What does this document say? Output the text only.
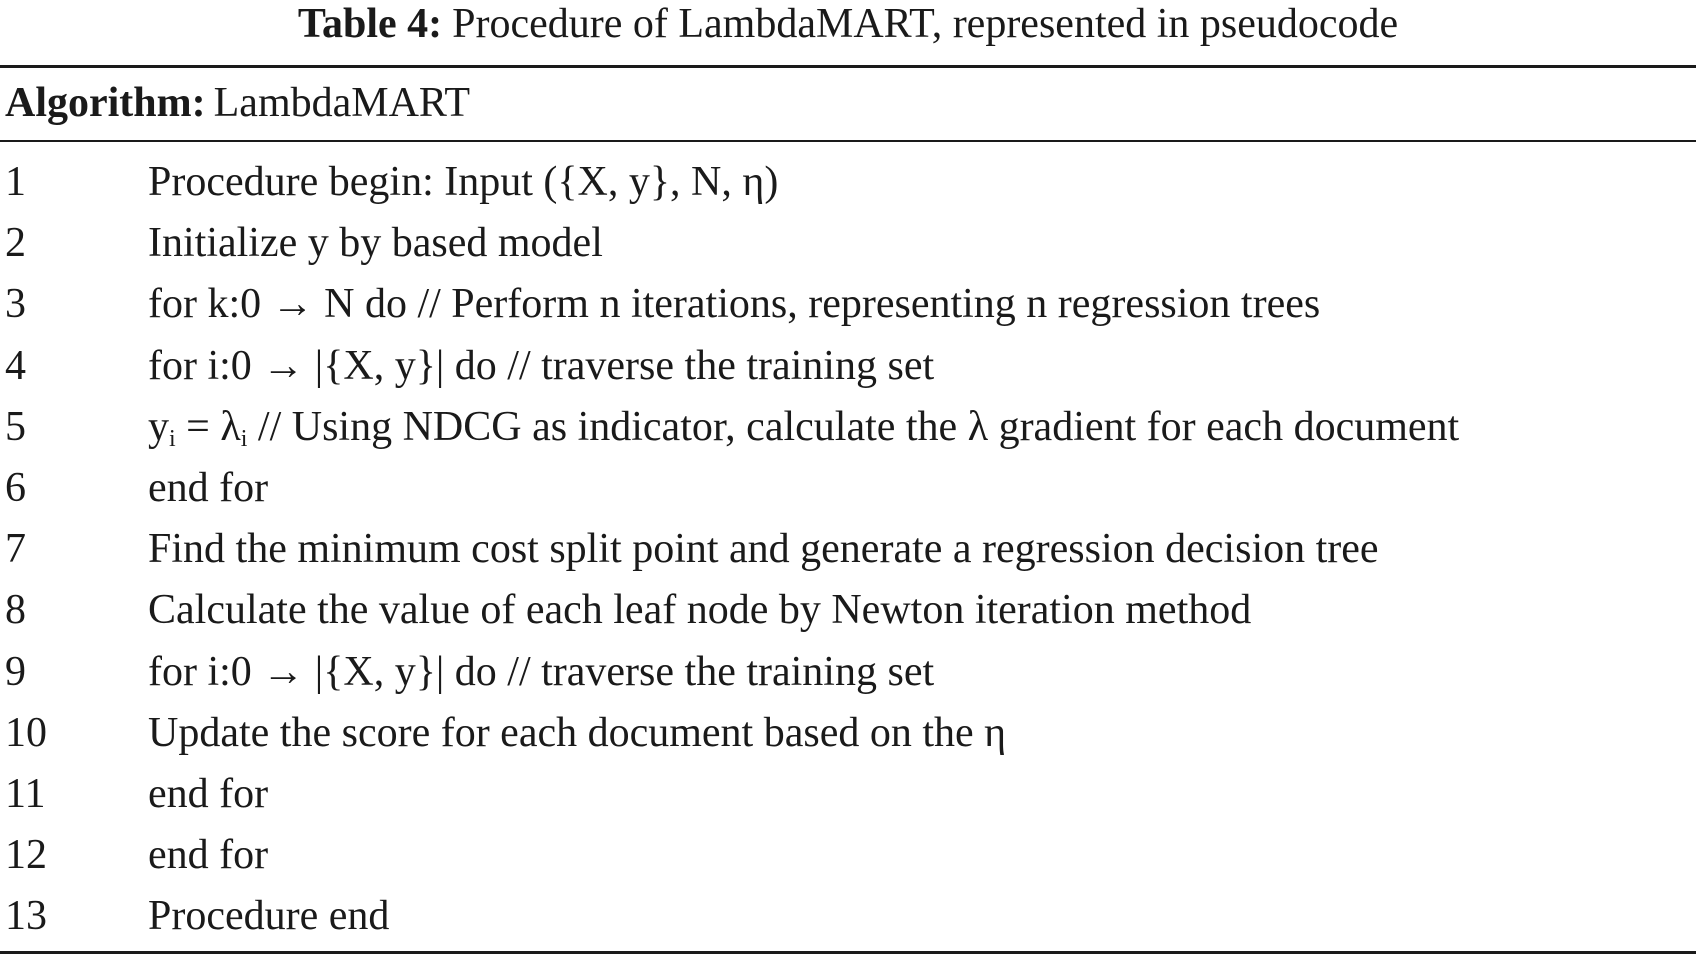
Table 4: Procedure of LambdaMART, represented in pseudocode
Algorithm: LambdaMART
1	Procedure begin: Input ({X, y}, N, η)
2	Initialize y by based model
3	for k:0 → N do // Perform n iterations, representing n regression trees
4	for i:0 → |{X, y}| do // traverse the training set
5	$y_i = \lambda_i // Using$ NDCG as indicator, calculate the λ gradient for each document
6	end for
7	Find the minimum cost split point and generate a regression decision tree
8	Calculate the value of each leaf node by Newton iteration method
9	for i:0 → |{X, y}| do // traverse the training set
10 Update the score for each document based on the η
11 end for
12 end for
13 Procedure end
